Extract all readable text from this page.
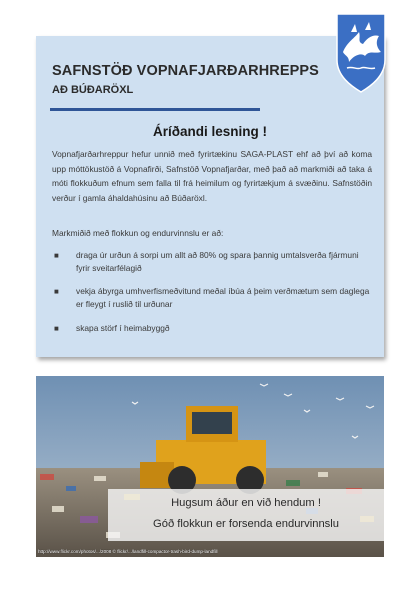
SAFNSTÖÐ VOPNAFJARÐARHREPPS
AÐ BÚÐARÖXL
Áríðandi lesning !

Vopnafjarðarhreppur hefur unnið með fyrirtækinu SAGA-PLAST ehf að því að koma upp móttökustöð á Vopnafirði, Safnstöð Vopnafjarðar, með það að markmiði að taka á móti flokkuðum efnum sem falla til frá heimilum og fyrirtækjum á svæðinu. Safnstöðin verður í gamla áhaldahúsinu að Búðaröxl.

Markmiðið með flokkun og endurvinnslu er að:

■ draga úr urðun á sorpi um allt að 80% og spara þannig umtalsverða fjármuni fyrir sveitarfélagið
■ vekja ábyrga umhverfismeðvitund meðal íbúa á þeim verðmætum sem daglega er fleygt í ruslið til urðunar
■ skapa störf í heimabyggð

Hugsum áður en við hendum !

Góð flokkun er forsenda endurvinnslu

http://www.flickr.com/photos/.../2008 © flickr/.../landfill-compactor-trash-bird-dump-landfill
